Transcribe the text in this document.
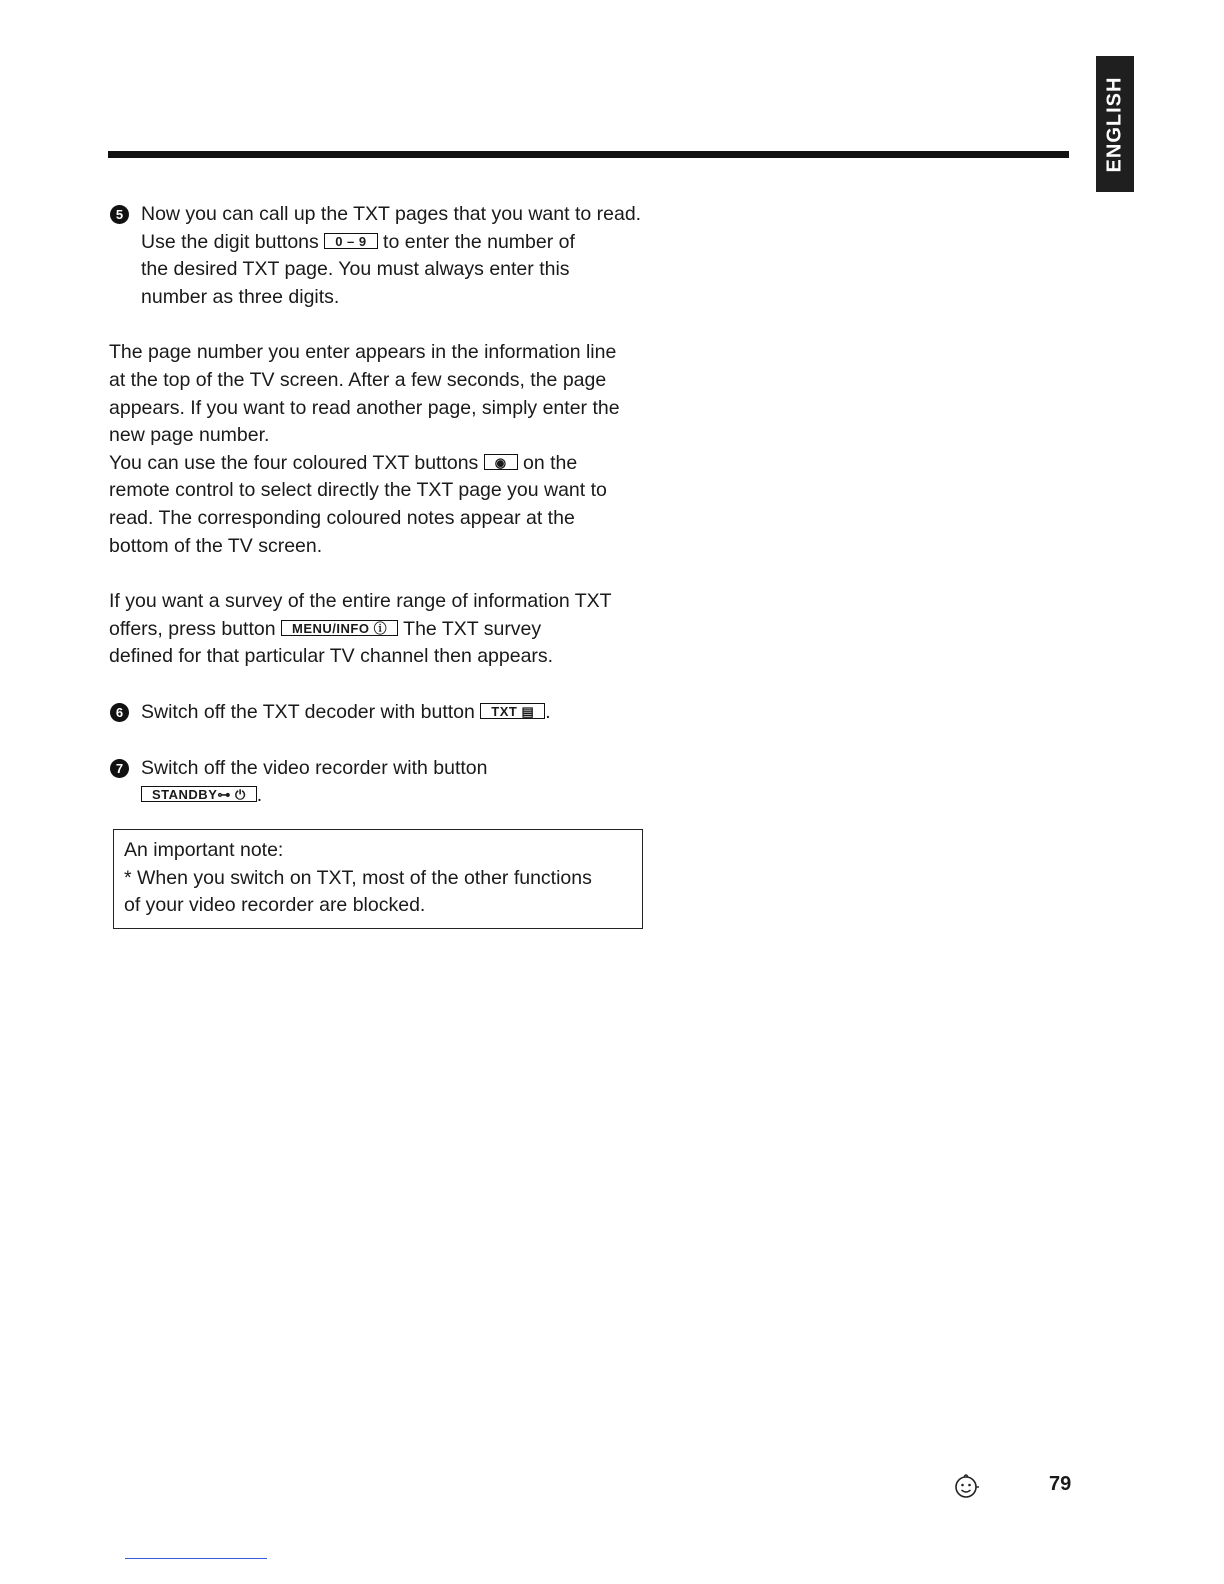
ENGLISH
5 Now you can call up the TXT pages that you want to read.

Use the digit buttons 0 – 9 to enter the number of

the desired TXT page. You must always enter this

number as three digits.

The page number you enter appears in the information line

at the top of the TV screen. After a few seconds, the page

appears. If you want to read another page, simply enter the

new page number.

You can use the four coloured TXT buttons ◉ on the

remote control to select directly the TXT page you want to

read. The corresponding coloured notes appear at the

bottom of the TV screen.

If you want a survey of the entire range of information TXT

offers, press button MENU/INFO ⓘ The TXT survey

defined for that particular TV channel then appears.

6 Switch off the TXT decoder with button TXT ▤ .

7 Switch off the video recorder with button

STANDBY⊶ ⏻ .

An important note:

* When you switch on TXT, most of the other functions

of your video recorder are blocked.

79
